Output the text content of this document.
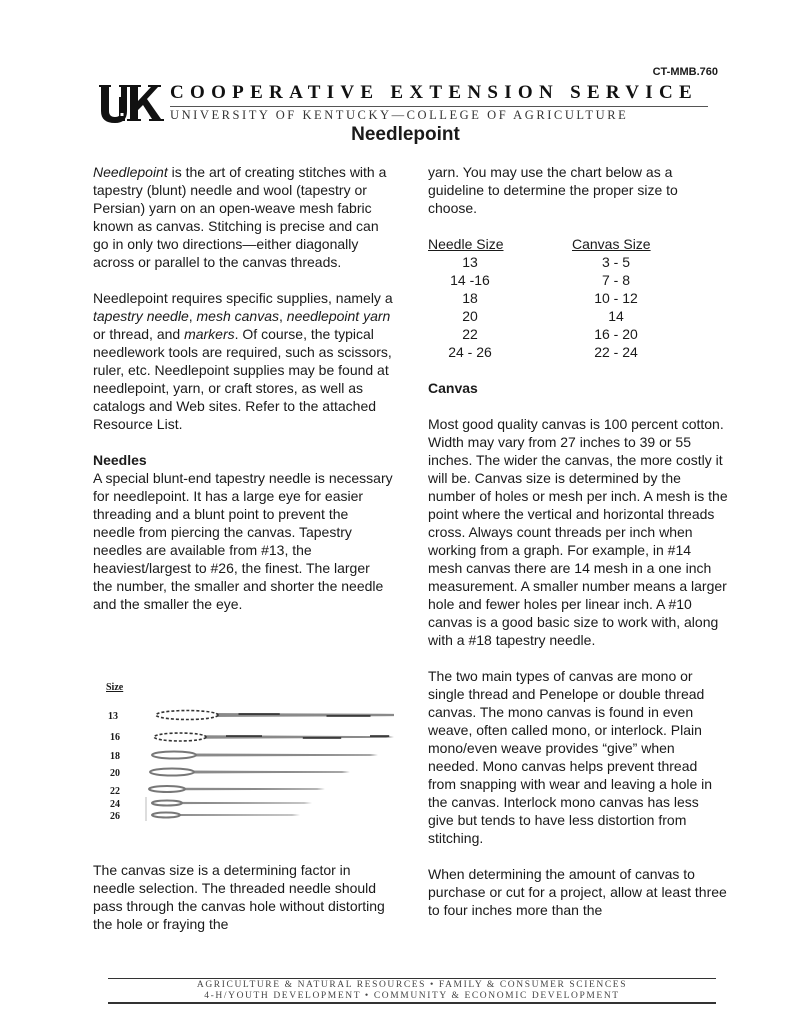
CT-MMB.760
COOPERATIVE EXTENSION SERVICE
UNIVERSITY OF KENTUCKY—COLLEGE OF AGRICULTURE
Needlepoint

Needlepoint is the art of creating stitches with a tapestry (blunt) needle and wool (tapestry or Persian) yarn on an open-weave mesh fabric known as canvas. Stitching is precise and can go in only two directions—either diagonally across or parallel to the canvas threads.

Needlepoint requires specific supplies, namely a tapestry needle, mesh canvas, needlepoint yarn or thread, and markers. Of course, the typical needlework tools are required, such as scissors, ruler, etc. Needlepoint supplies may be found at needlepoint, yarn, or craft stores, as well as catalogs and Web sites. Refer to the attached Resource List.

Needles

A special blunt-end tapestry needle is necessary for needlepoint. It has a large eye for easier threading and a blunt point to prevent the needle from piercing the canvas. Tapestry needles are available from #13, the heaviest/largest to #26, the finest. The larger the number, the smaller and shorter the needle and the smaller the eye.

Size
13
16
18
20
22
24
26

The canvas size is a determining factor in needle selection. The threaded needle should pass through the canvas hole without distorting the hole or fraying the

yarn. You may use the chart below as a guideline to determine the proper size to choose.

Needle Size	Canvas Size
13	3 - 5
14 -16	7 - 8
18	10 - 12
20	14
22	16 - 20
24 - 26	22 - 24
Canvas

Most good quality canvas is 100 percent cotton. Width may vary from 27 inches to 39 or 55 inches. The wider the canvas, the more costly it will be. Canvas size is determined by the number of holes or mesh per inch. A mesh is the point where the vertical and horizontal threads cross. Always count threads per inch when working from a graph. For example, in #14 mesh canvas there are 14 mesh in a one inch measurement. A smaller number means a larger hole and fewer holes per linear inch. A #10 canvas is a good basic size to work with, along with a #18 tapestry needle.

The two main types of canvas are mono or single thread and Penelope or double thread canvas. The mono canvas is found in even weave, often called mono, or interlock. Plain mono/even weave provides “give” when needed. Mono canvas helps prevent thread from snapping with wear and leaving a hole in the canvas. Interlock mono canvas has less give but tends to have less distortion from stitching.

When determining the amount of canvas to purchase or cut for a project, allow at least three to four inches more than the

AGRICULTURE & NATURAL RESOURCES • FAMILY & CONSUMER SCIENCES
4-H/YOUTH DEVELOPMENT • COMMUNITY & ECONOMIC DEVELOPMENT
